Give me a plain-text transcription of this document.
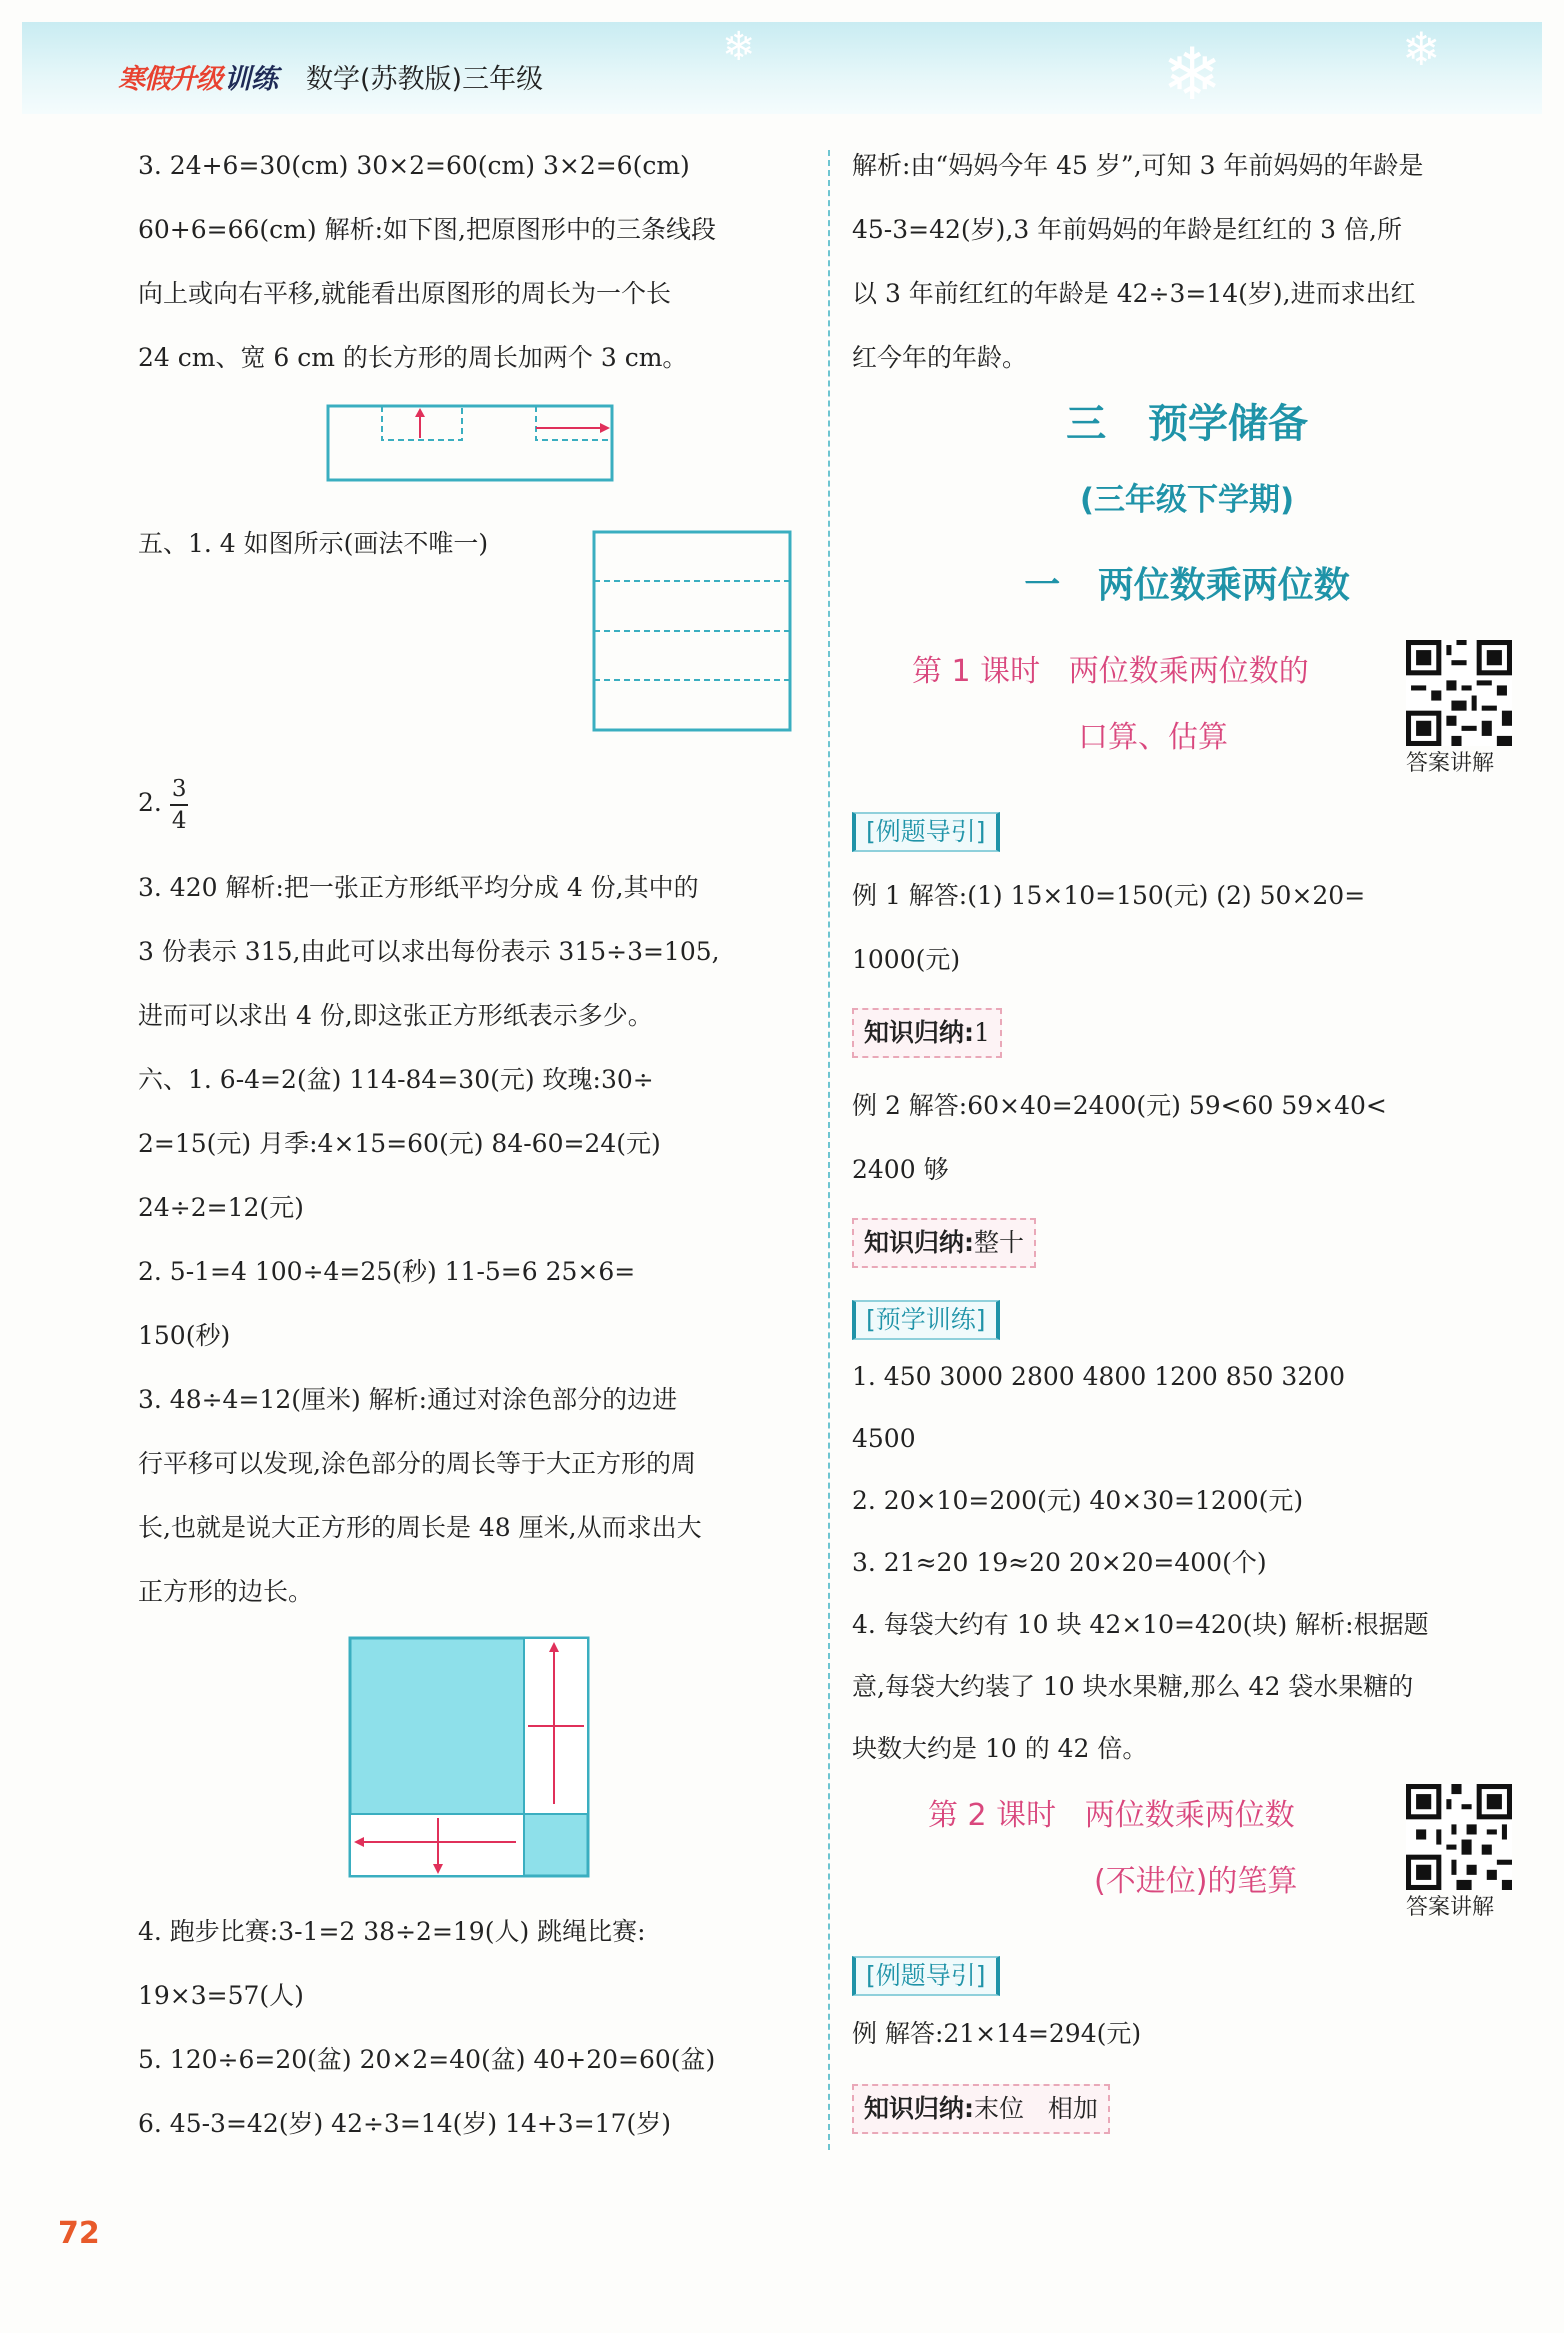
❄	❄	❄
寒假升级 训练 数学(苏教版)三年级

3. 24+6=30(cm) 30×2=60(cm) 3×2=6(cm)

60+6=66(cm) 解析:如下图,把原图形中的三条线段

向上或向右平移,就能看出原图形的周长为一个长

24 cm、宽 6 cm 的长方形的周长加两个 3 cm。

五、1. 4 如图所示(画法不唯一)

2. $\frac{3}{4}$

3. 420 解析:把一张正方形纸平均分成 4 份,其中的

3 份表示 315,由此可以求出每份表示 315÷3=105,

进而可以求出 4 份,即这张正方形纸表示多少。

六、1. 6-4=2(盆) 114-84=30(元) 玫瑰:30÷

2=15(元) 月季:4×15=60(元) 84-60=24(元)

24÷2=12(元)

2. 5-1=4 100÷4=25(秒) 11-5=6 25×6=

150(秒)

3. 48÷4=12(厘米) 解析:通过对涂色部分的边进

行平移可以发现,涂色部分的周长等于大正方形的周

长,也就是说大正方形的周长是 48 厘米,从而求出大

正方形的边长。

4. 跑步比赛:3-1=2 38÷2=19(人) 跳绳比赛:

19×3=57(人)

5. 120÷6=20(盆) 20×2=40(盆) 40+20=60(盆)

6. 45-3=42(岁) 42÷3=14(岁) 14+3=17(岁)

解析:由“妈妈今年 45 岁”,可知 3 年前妈妈的年龄是

45-3=42(岁),3 年前妈妈的年龄是红红的 3 倍,所

以 3 年前红红的年龄是 42÷3=14(岁),进而求出红

红今年的年龄。

三   预学储备
(三年级下学期)
一   两位数乘两位数
第 1 课时   两位数乘两位数的
口算、估算
答案讲解
[例题导引]

例 1 解答:(1) 15×10=150(元) (2) 50×20=

1000(元)

知识归纳:1

例 2 解答:60×40=2400(元) 59<60 59×40<

2400 够

知识归纳:整十
[预学训练]

1. 450 3000 2800 4800 1200 850 3200

4500

2. 20×10=200(元) 40×30=1200(元)

3. 21≈20 19≈20 20×20=400(个)

4. 每袋大约有 10 块 42×10=420(块) 解析:根据题

意,每袋大约装了 10 块水果糖,那么 42 袋水果糖的

块数大约是 10 的 42 倍。

第 2 课时   两位数乘两位数
(不进位)的笔算
答案讲解
[例题导引]

例 解答:21×14=294(元)

知识归纳:末位   相加
72
